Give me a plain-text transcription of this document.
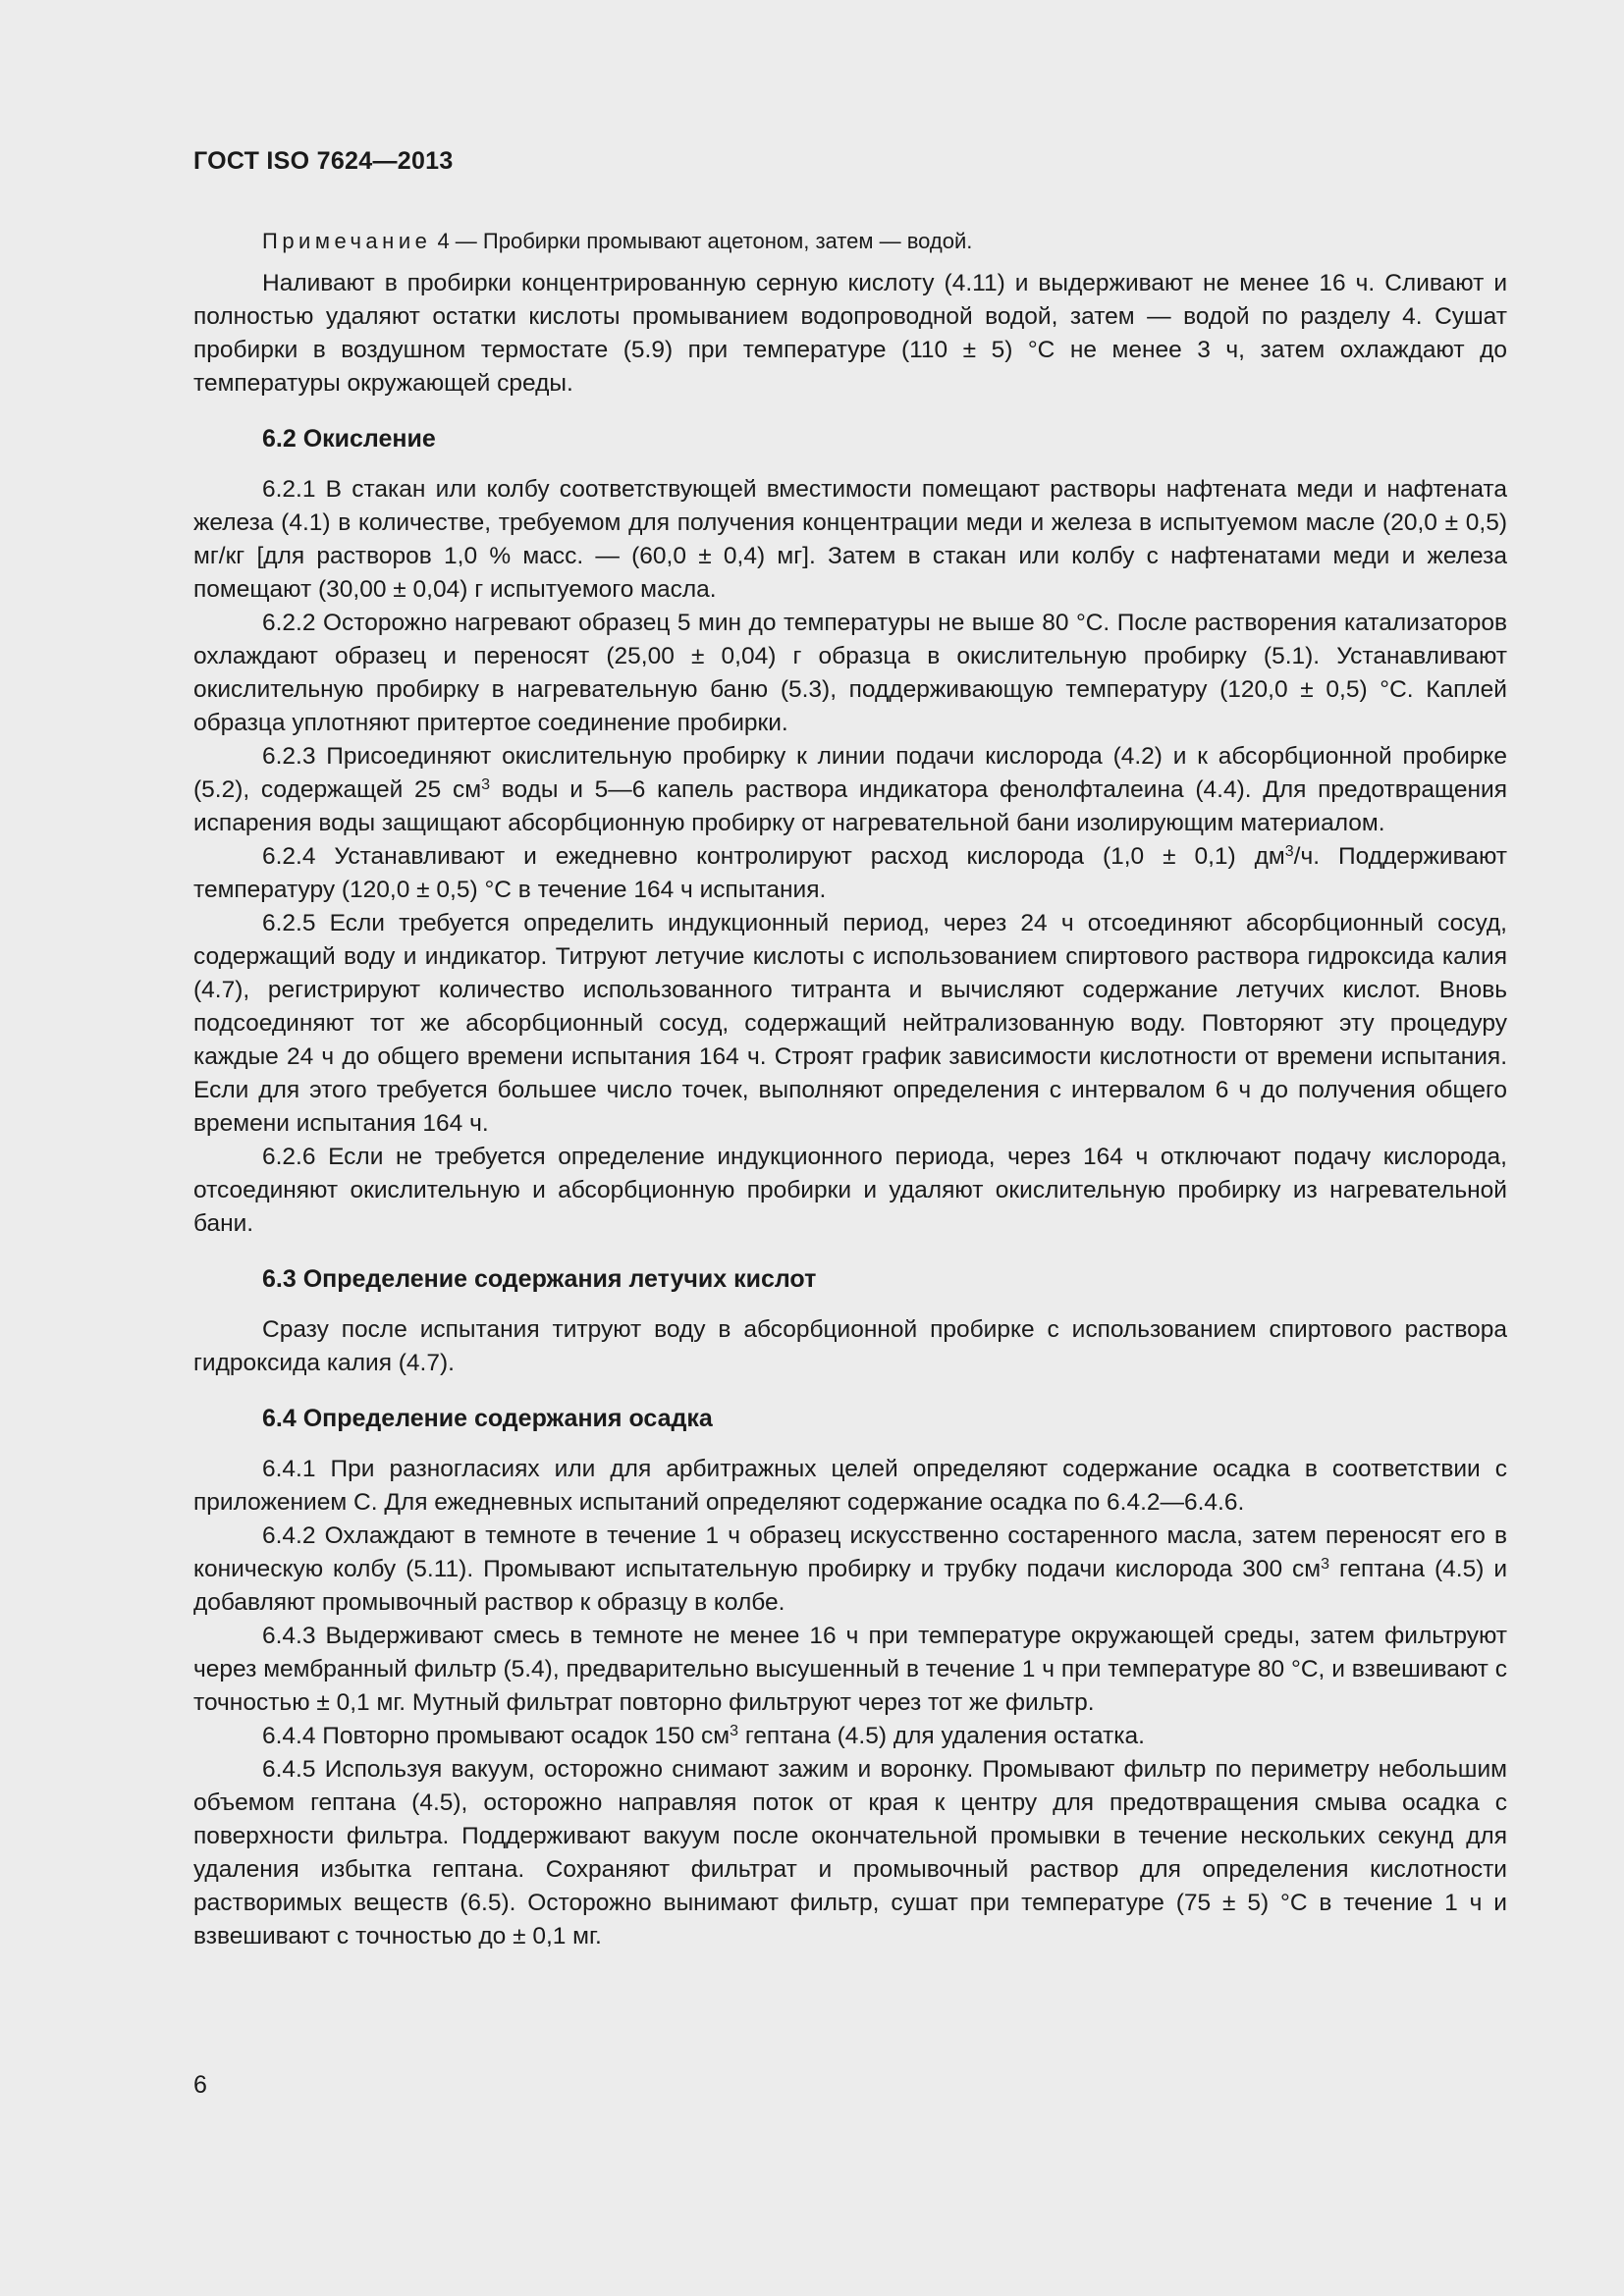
ГОСТ ISO 7624—2013

Примечание 4 — Пробирки промывают ацетоном, затем — водой.

Наливают в пробирки концентрированную серную кислоту (4.11) и выдерживают не менее 16 ч. Сливают и полностью удаляют остатки кислоты промыванием водопроводной водой, затем — водой по разделу 4. Сушат пробирки в воздушном термостате (5.9) при температуре (110 ± 5) °С не менее 3 ч, затем охлаждают до температуры окружающей среды.

6.2 Окисление

6.2.1 В стакан или колбу соответствующей вместимости помещают растворы нафтената меди и нафтената железа (4.1) в количестве, требуемом для получения концентрации меди и железа в испытуемом масле (20,0 ± 0,5) мг/кг [для растворов 1,0 % масс. — (60,0 ± 0,4) мг]. Затем в стакан или колбу с нафтенатами меди и железа помещают (30,00 ± 0,04) г испытуемого масла.

6.2.2 Осторожно нагревают образец 5 мин до температуры не выше 80 °С. После растворения катализаторов охлаждают образец и переносят (25,00 ± 0,04) г образца в окислительную пробирку (5.1). Устанавливают окислительную пробирку в нагревательную баню (5.3), поддерживающую температуру (120,0 ± 0,5) °С. Каплей образца уплотняют притертое соединение пробирки.

6.2.3 Присоединяют окислительную пробирку к линии подачи кислорода (4.2) и к абсорбционной пробирке (5.2), содержащей 25 $см^3$ воды и 5—6 капель раствора индикатора фенолфталеина (4.4). Для предотвращения испарения воды защищают абсорбционную пробирку от нагревательной бани изолирующим материалом.

6.2.4 Устанавливают и ежедневно контролируют расход кислорода (1,0 ± 0,1) $дм^3/ч$. Поддерживают температуру (120,0 ± 0,5) °С в течение 164 ч испытания.

6.2.5 Если требуется определить индукционный период, через 24 ч отсоединяют абсорбционный сосуд, содержащий воду и индикатор. Титруют летучие кислоты с использованием спиртового раствора гидроксида калия (4.7), регистрируют количество использованного титранта и вычисляют содержание летучих кислот. Вновь подсоединяют тот же абсорбционный сосуд, содержащий нейтрализованную воду. Повторяют эту процедуру каждые 24 ч до общего времени испытания 164 ч. Строят график зависимости кислотности от времени испытания. Если для этого требуется большее число точек, выполняют определения с интервалом 6 ч до получения общего времени испытания 164 ч.

6.2.6 Если не требуется определение индукционного периода, через 164 ч отключают подачу кислорода, отсоединяют окислительную и абсорбционную пробирки и удаляют окислительную пробирку из нагревательной бани.

6.3 Определение содержания летучих кислот

Сразу после испытания титруют воду в абсорбционной пробирке с использованием спиртового раствора гидроксида калия (4.7).

6.4 Определение содержания осадка

6.4.1 При разногласиях или для арбитражных целей определяют содержание осадка в соответствии с приложением С. Для ежедневных испытаний определяют содержание осадка по 6.4.2—6.4.6.

6.4.2 Охлаждают в темноте в течение 1 ч образец искусственно состаренного масла, затем переносят его в коническую колбу (5.11). Промывают испытательную пробирку и трубку подачи кислорода 300 $см^3$ гептана (4.5) и добавляют промывочный раствор к образцу в колбе.

6.4.3 Выдерживают смесь в темноте не менее 16 ч при температуре окружающей среды, затем фильтруют через мембранный фильтр (5.4), предварительно высушенный в течение 1 ч при температуре 80 °С, и взвешивают с точностью ± 0,1 мг. Мутный фильтрат повторно фильтруют через тот же фильтр.

6.4.4 Повторно промывают осадок 150 $см^3$ гептана (4.5) для удаления остатка.

6.4.5 Используя вакуум, осторожно снимают зажим и воронку. Промывают фильтр по периметру небольшим объемом гептана (4.5), осторожно направляя поток от края к центру для предотвращения смыва осадка с поверхности фильтра. Поддерживают вакуум после окончательной промывки в течение нескольких секунд для удаления избытка гептана. Сохраняют фильтрат и промывочный раствор для определения кислотности растворимых веществ (6.5). Осторожно вынимают фильтр, сушат при температуре (75 ± 5) °С в течение 1 ч и взвешивают с точностью до ± 0,1 мг.

6
